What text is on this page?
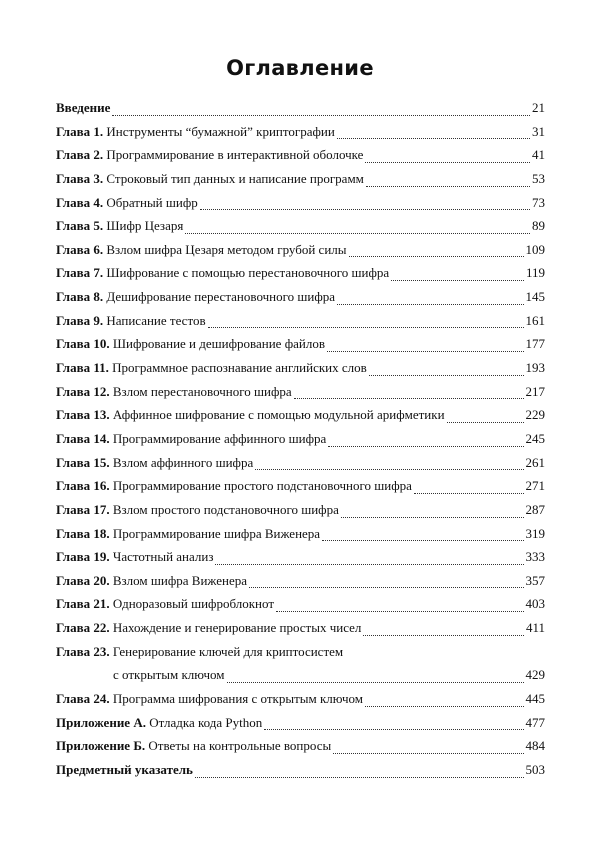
Оглавление
Введение	21
Глава 1. Инструменты “бумажной” криптографии	31
Глава 2. Программирование в интерактивной оболочке	41
Глава 3. Строковый тип данных и написание программ	53
Глава 4. Обратный шифр	73
Глава 5. Шифр Цезаря	89
Глава 6. Взлом шифра Цезаря методом грубой силы	109
Глава 7. Шифрование с помощью перестановочного шифра	119
Глава 8. Дешифрование перестановочного шифра	145
Глава 9. Написание тестов	161
Глава 10. Шифрование и дешифрование файлов	177
Глава 11. Программное распознавание английских слов	193
Глава 12. Взлом перестановочного шифра	217
Глава 13. Аффинное шифрование с помощью модульной арифметики	229
Глава 14. Программирование аффинного шифра	245
Глава 15. Взлом аффинного шифра	261
Глава 16. Программирование простого подстановочного шифра	271
Глава 17. Взлом простого подстановочного шифра	287
Глава 18. Программирование шифра Виженера	319
Глава 19. Частотный анализ	333
Глава 20. Взлом шифра Виженера	357
Глава 21. Одноразовый шифроблокнот	403
Глава 22. Нахождение и генерирование простых чисел	411
Глава 23. Генерирование ключей для криптосистем
с открытым ключом	429
Глава 24. Программа шифрования с открытым ключом	445
Приложение А. Отладка кода Python	477
Приложение Б. Ответы на контрольные вопросы	484
Предметный указатель	503
